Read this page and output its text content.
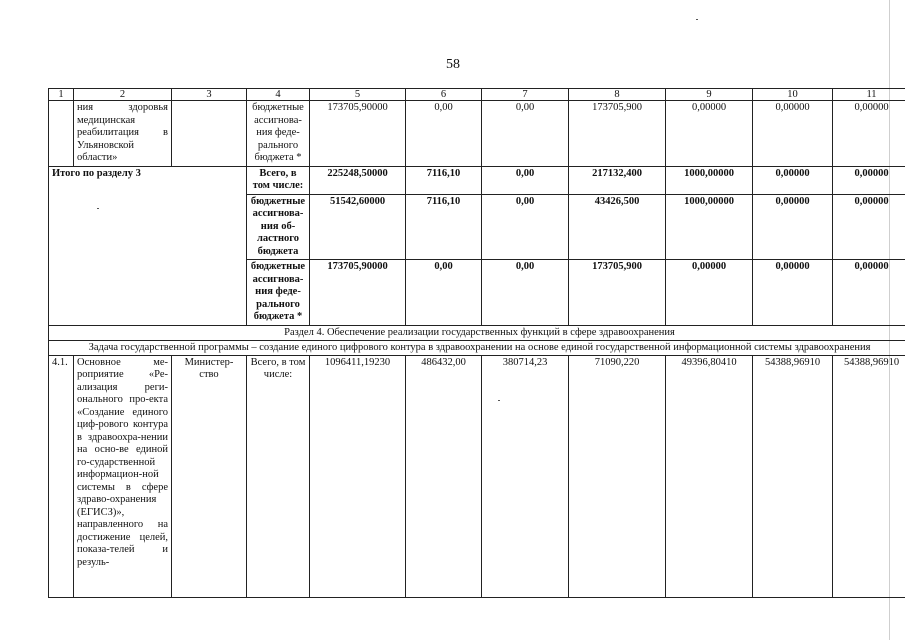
58
1	2	3	4	5	6	7	8	9	10	11
	ния здоровья медицинская реабилитация в Ульяновской области»		бюджетные ассигнова-ния феде-рального бюджета *	173705,90000	0,00	0,00	173705,900	0,00000	0,00000	0,00000
Итого по разделу 3			Всего, в том числе:	225248,50000	7116,10	0,00	217132,400	1000,00000	0,00000	0,00000
			бюджетные ассигнова-ния об-ластного бюджета	51542,60000	7116,10	0,00	43426,500	1000,00000	0,00000	0,00000
			бюджетные ассигнова-ния феде-рального бюджета *	173705,90000	0,00	0,00	173705,900	0,00000	0,00000	0,00000
Раздел 4. Обеспечение реализации государственных функций в сфере здравоохранения										
Задача государственной программы – создание единого цифрового контура в здравоохранении на основе единой государственной информационной системы здравоохранения										
4.1.	Основное ме-роприятие «Ре-ализация реги-онального про-екта «Создание единого циф-рового контура в здравоохра-нении на осно-ве единой го-сударственной информацион-ной системы в сфере здраво-охранения (ЕГИСЗ)», направленного на достижение целей, показа-телей и резуль-	Министер-ство	Всего, в том числе:	1096411,19230	486432,00	380714,23	71090,220	49396,80410	54388,96910	54388,96910
